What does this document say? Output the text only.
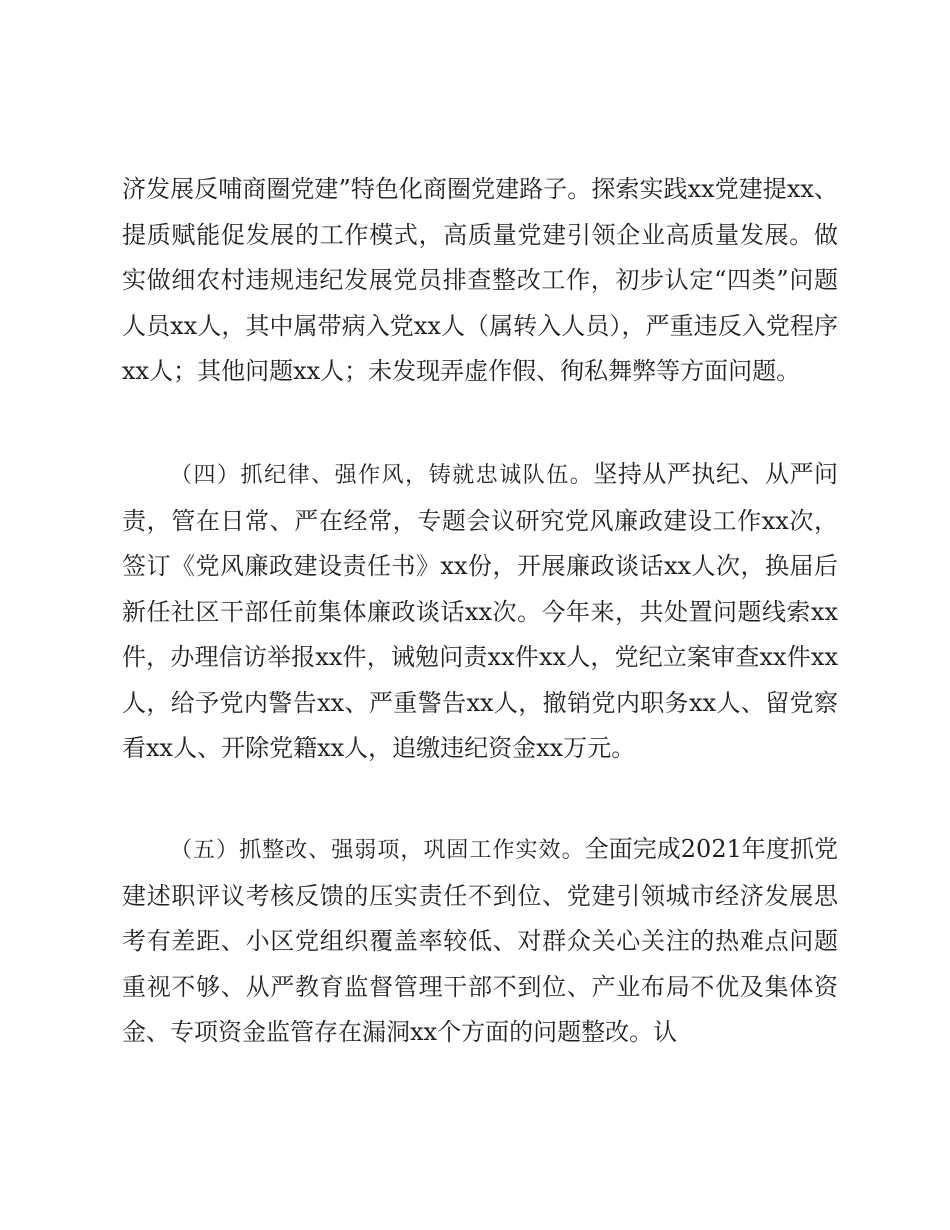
济发展反哺商圈党建”特色化商圈党建路子。探索实践xx党建提xx、提质赋能促发展的工作模式，高质量党建引领企业高质量发展。做实做细农村违规违纪发展党员排查整改工作，初步认定“四类”问题人员xx人，其中属带病入党xx人（属转入人员），严重违反入党程序xx人；其他问题xx人；未发现弄虚作假、徇私舞弊等方面问题。

（四）抓纪律、强作风，铸就忠诚队伍。坚持从严执纪、从严问责，管在日常、严在经常，专题会议研究党风廉政建设工作xx次，签订《党风廉政建设责任书》xx份，开展廉政谈话xx人次，换届后新任社区干部任前集体廉政谈话xx次。今年来，共处置问题线索xx件，办理信访举报xx件，诫勉问责xx件xx人，党纪立案审查xx件xx人，给予党内警告xx、严重警告xx人，撤销党内职务xx人、留党察看xx人、开除党籍xx人，追缴违纪资金xx万元。

（五）抓整改、强弱项，巩固工作实效。全面完成2021年度抓党建述职评议考核反馈的压实责任不到位、党建引领城市经济发展思考有差距、小区党组织覆盖率较低、对群众关心关注的热难点问题重视不够、从严教育监督管理干部不到位、产业布局不优及集体资金、专项资金监管存在漏洞xx个方面的问题整改。认
